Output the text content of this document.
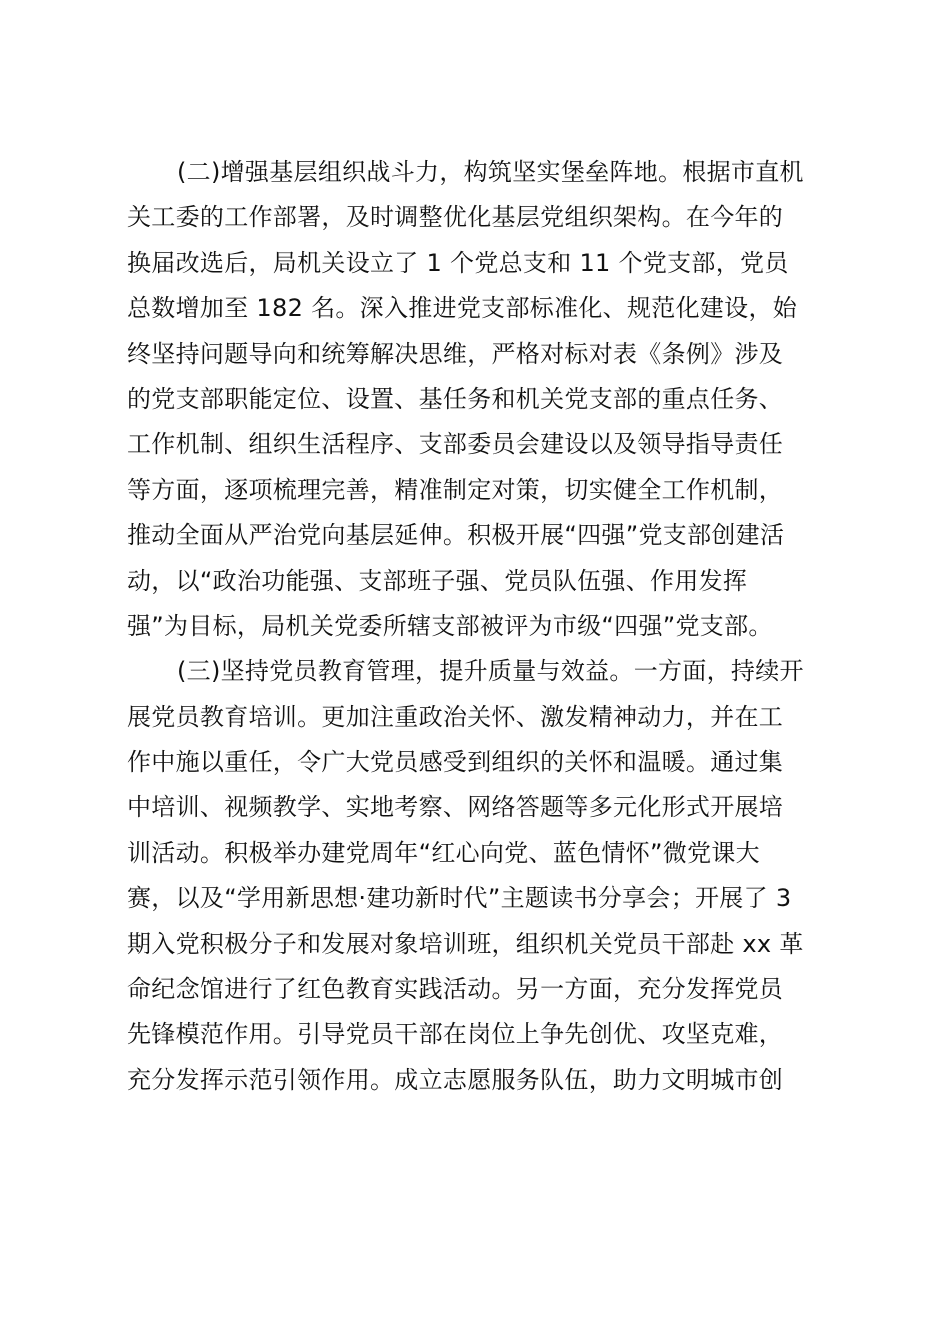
(二)增强基层组织战斗力，构筑坚实堡垒阵地。根据市直机
关工委的工作部署，及时调整优化基层党组织架构。在今年的
换届改选后，局机关设立了 1 个党总支和 11 个党支部，党员
总数增加至 182 名。深入推进党支部标准化、规范化建设，始
终坚持问题导向和统筹解决思维，严格对标对表《条例》涉及
的党支部职能定位、设置、基任务和机关党支部的重点任务、
工作机制、组织生活程序、支部委员会建设以及领导指导责任
等方面，逐项梳理完善，精准制定对策，切实健全工作机制，
推动全面从严治党向基层延伸。积极开展“四强”党支部创建活
动，以“政治功能强、支部班子强、党员队伍强、作用发挥
强”为目标，局机关党委所辖支部被评为市级“四强”党支部。
(三)坚持党员教育管理，提升质量与效益。一方面，持续开
展党员教育培训。更加注重政治关怀、激发精神动力，并在工
作中施以重任，令广大党员感受到组织的关怀和温暖。通过集
中培训、视频教学、实地考察、网络答题等多元化形式开展培
训活动。积极举办建党周年“红心向党、蓝色情怀”微党课大
赛，以及“学用新思想·建功新时代”主题读书分享会；开展了 3
期入党积极分子和发展对象培训班，组织机关党员干部赴 xx 革
命纪念馆进行了红色教育实践活动。另一方面，充分发挥党员
先锋模范作用。引导党员干部在岗位上争先创优、攻坚克难，
充分发挥示范引领作用。成立志愿服务队伍，助力文明城市创
